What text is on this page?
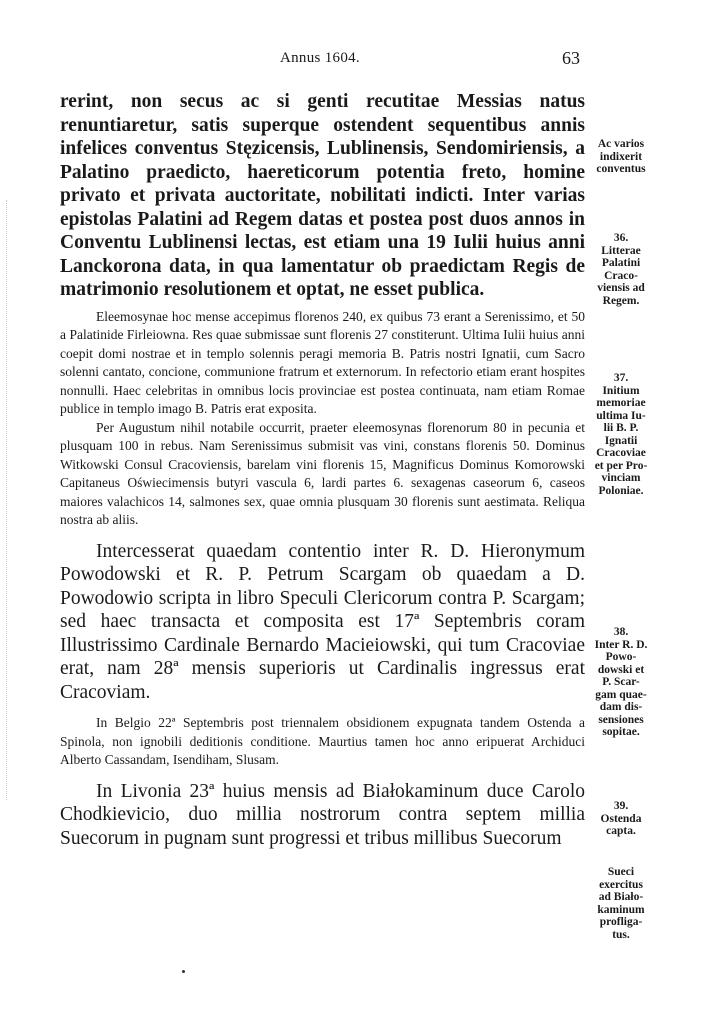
Annus 1604.	63

rerint, non secus ac si genti recutitae Messias natus renuntiaretur, satis superque ostendent sequentibus annis infelices conventus Stęzicensis, Lublinensis, Sendomiriensis, a Palatino praedicto, haereticorum potentia freto, homine privato et privata auctoritate, nobilitati indicti. Inter varias epistolas Palatini ad Regem datas et postea post duos annos in Conventu Lublinensi lectas, est etiam una 19 Iulii huius anni Lanckorona data, in qua lamentatur ob praedictam Regis de matrimonio resolutionem et optat, ne esset publica.

Eleemosynae hoc mense accepimus florenos 240, ex quibus 73 erant a Serenissimo, et 50 a Palatinide Firleiowna. Res quae submissae sunt florenis 27 constiterunt. Ultima Iulii huius anni coepit domi nostrae et in templo solennis peragi memoria B. Patris nostri Ignatii, cum Sacro solenni cantato, concione, communione fratrum et externorum. In refectorio etiam erant hospites nonnulli. Haec celebritas in omnibus locis provinciae est postea continuata, nam etiam Romae publice in templo imago B. Patris erat exposita.

Per Augustum nihil notabile occurrit, praeter eleemosynas florenorum 80 in pecunia et plusquam 100 in rebus. Nam Serenissimus submisit vas vini, constans florenis 50. Dominus Witkowski Consul Cracoviensis, barelam vini florenis 15, Magnificus Dominus Komorowski Capitaneus Oświecimensis butyri vascula 6, lardi partes 6. sexagenas caseorum 6, caseos maiores valachicos 14, salmones sex, quae omnia plusquam 30 florenis sunt aestimata. Reliqua nostra ab aliis.

Intercesserat quaedam contentio inter R. D. Hieronymum Powodowski et R. P. Petrum Scargam ob quaedam a D. Powodowio scripta in libro Speculi Clericorum contra P. Scargam; sed haec transacta et composita est 17ª Septembris coram Illustrissimo Cardinale Bernardo Macieiowski, qui tum Cracoviae erat, nam 28ª mensis superioris ut Cardinalis ingressus erat Cracoviam.

In Belgio 22ª Septembris post triennalem obsidionem expugnata tandem Ostenda a Spinola, non ignobili deditionis conditione. Maurtius tamen hoc anno eripuerat Archiduci Alberto Cassandam, Isendiham, Slusam.

In Livonia 23ª huius mensis ad Białokaminum duce Carolo Chodkievicio, duo millia nostrorum contra septem millia Suecorum in pugnam sunt progressi et tribus millibus Suecorum

Ac varios
indixerit
conventus
36.
Litterae
Palatini
Craco-
viensis ad
Regem.
37.
Initium
memoriae
ultima Iu-
lii B. P.
Ignatii
Cracoviae
et per Pro-
vinciam
Poloniae.
38.
Inter R. D.
Powo-
dowski et
P. Scar-
gam quae-
dam dis-
sensiones
sopitae.
39.
Ostenda
capta.
Sueci
exercitus
ad Biało-
kaminum
profliga-
tus.
